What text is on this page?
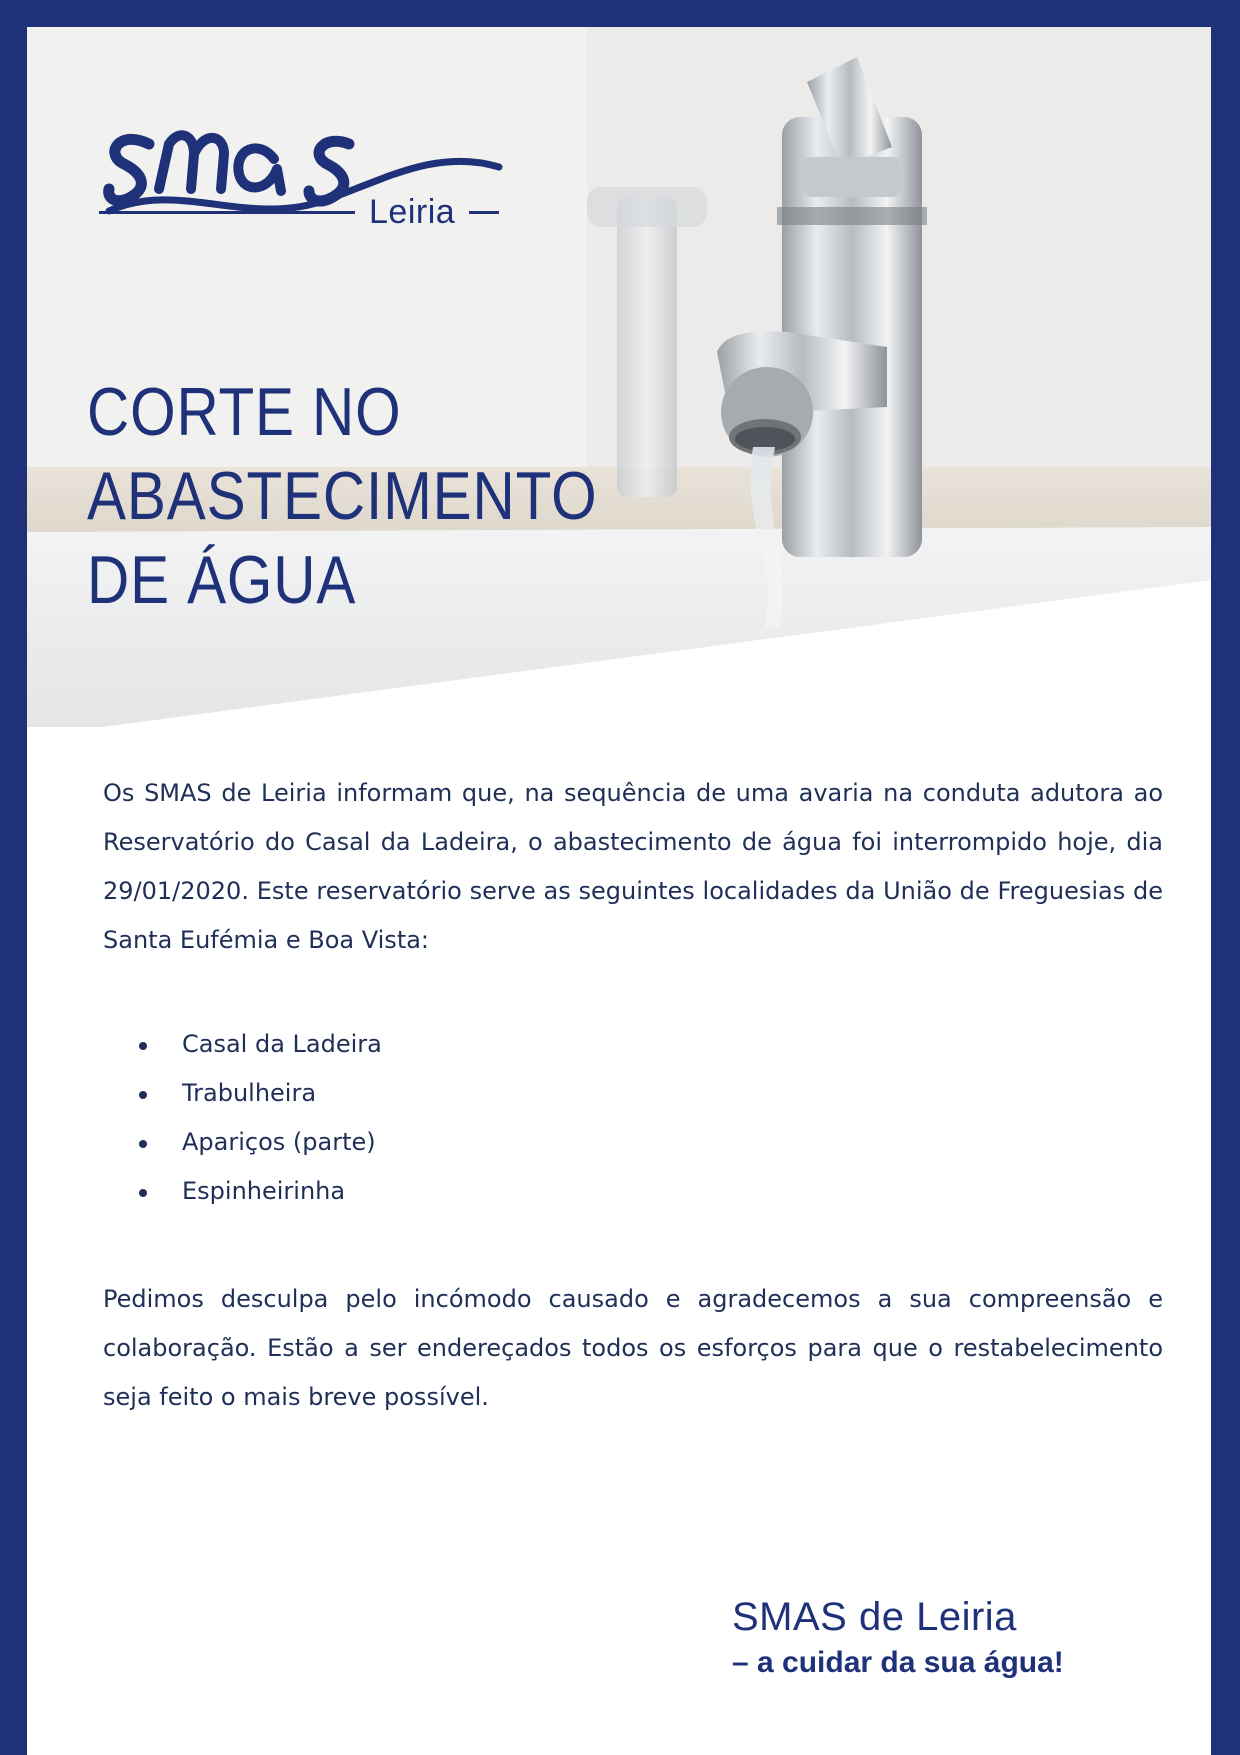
Leiria
CORTE NO
ABASTECIMENTO
DE ÁGUA

Os SMAS de Leiria informam que, na sequência de uma avaria na conduta adutora ao Reservatório do Casal da Ladeira, o abastecimento de água foi interrompido hoje, dia 29/01/2020. Este reservatório serve as seguintes localidades da União de Freguesias de Santa Eufémia e Boa Vista:

Casal da Ladeira
Trabulheira
Apariços (parte)
Espinheirinha

Pedimos desculpa pelo incómodo causado e agradecemos a sua compreensão e colaboração. Estão a ser endereçados todos os esforços para que o restabelecimento seja feito o mais breve possível.

SMAS de Leiria
– a cuidar da sua água!
